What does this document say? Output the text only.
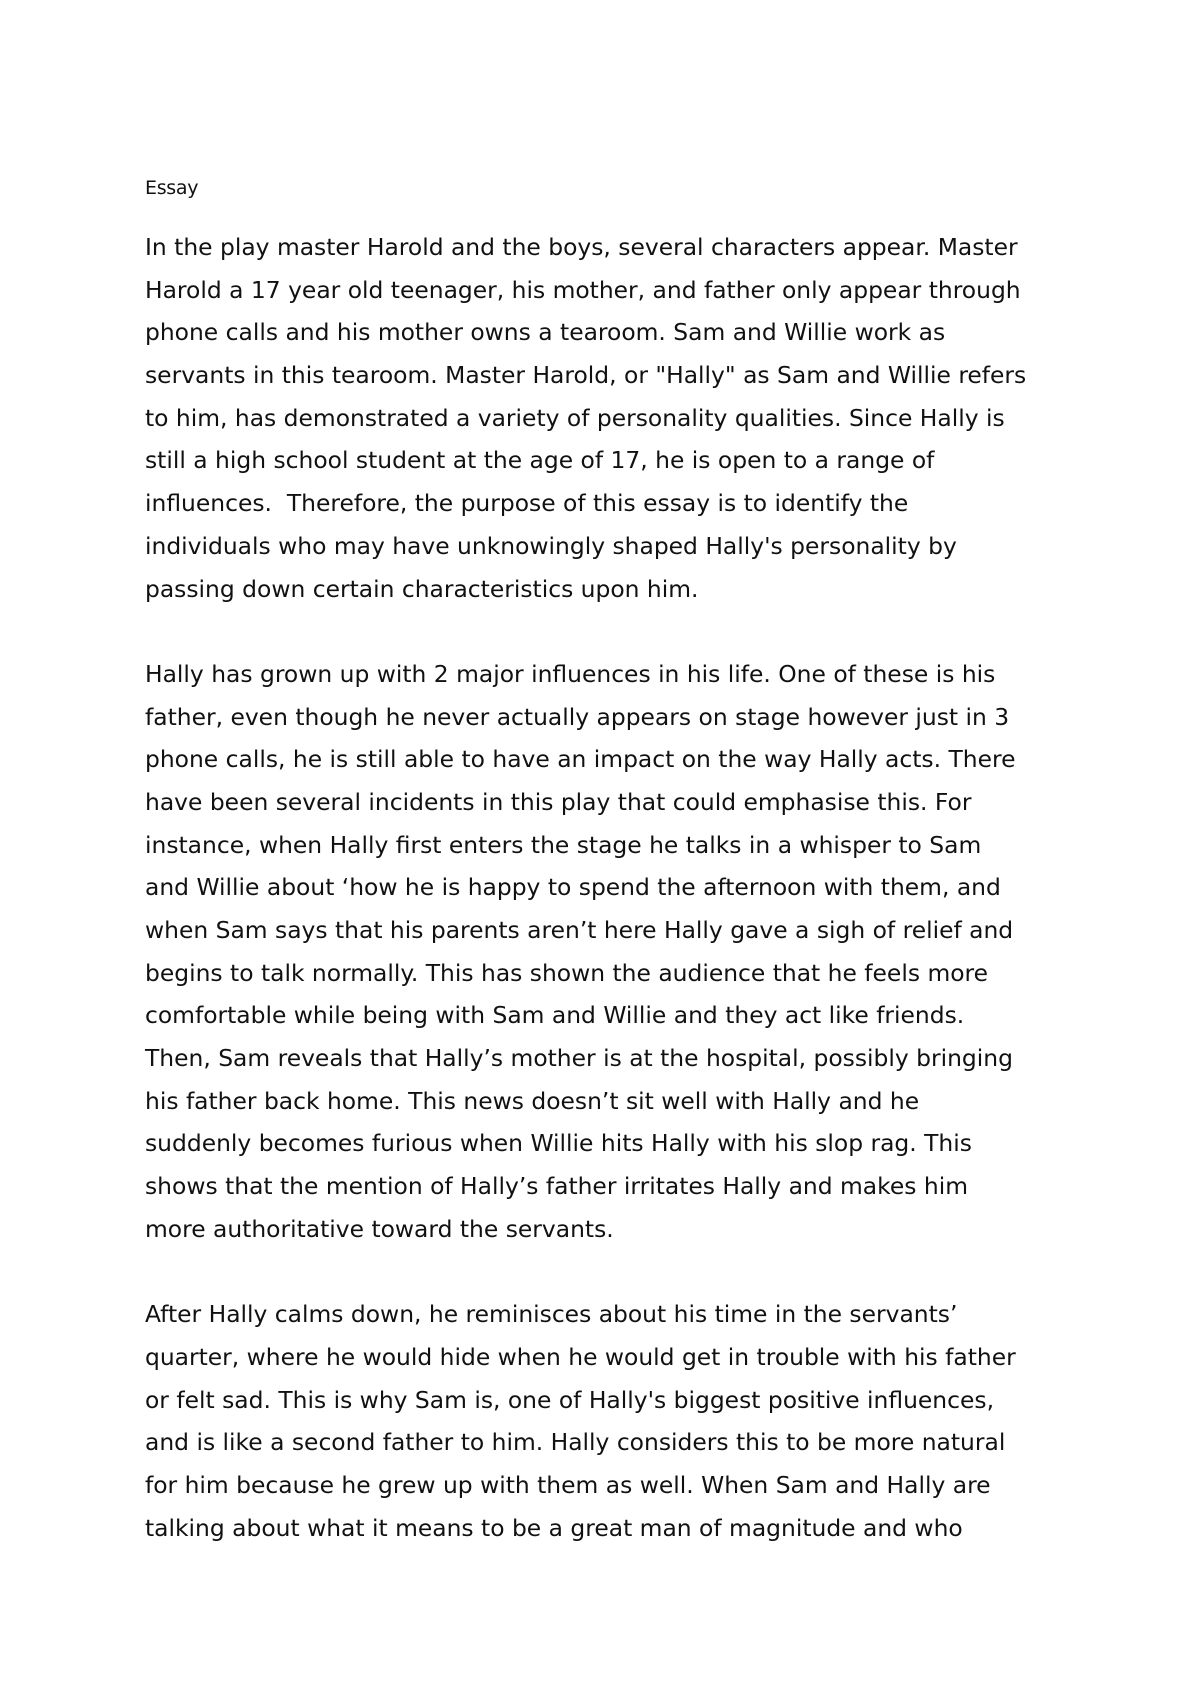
Essay
In the play master Harold and the boys, several characters appear. Master
Harold a 17 year old teenager, his mother, and father only appear through
phone calls and his mother owns a tearoom. Sam and Willie work as
servants in this tearoom. Master Harold, or "Hally" as Sam and Willie refers
to him, has demonstrated a variety of personality qualities. Since Hally is
still a high school student at the age of 17, he is open to a range of
influences.  Therefore, the purpose of this essay is to identify the
individuals who may have unknowingly shaped Hally's personality by
passing down certain characteristics upon him.
Hally has grown up with 2 major influences in his life. One of these is his
father, even though he never actually appears on stage however just in 3
phone calls, he is still able to have an impact on the way Hally acts. There
have been several incidents in this play that could emphasise this. For
instance, when Hally first enters the stage he talks in a whisper to Sam
and Willie about ‘how he is happy to spend the afternoon with them, and
when Sam says that his parents aren’t here Hally gave a sigh of relief and
begins to talk normally. This has shown the audience that he feels more
comfortable while being with Sam and Willie and they act like friends.
Then, Sam reveals that Hally’s mother is at the hospital, possibly bringing
his father back home. This news doesn’t sit well with Hally and he
suddenly becomes furious when Willie hits Hally with his slop rag. This
shows that the mention of Hally’s father irritates Hally and makes him
more authoritative toward the servants.
After Hally calms down, he reminisces about his time in the servants’
quarter, where he would hide when he would get in trouble with his father
or felt sad. This is why Sam is, one of Hally's biggest positive influences,
and is like a second father to him. Hally considers this to be more natural
for him because he grew up with them as well. When Sam and Hally are
talking about what it means to be a great man of magnitude and who
